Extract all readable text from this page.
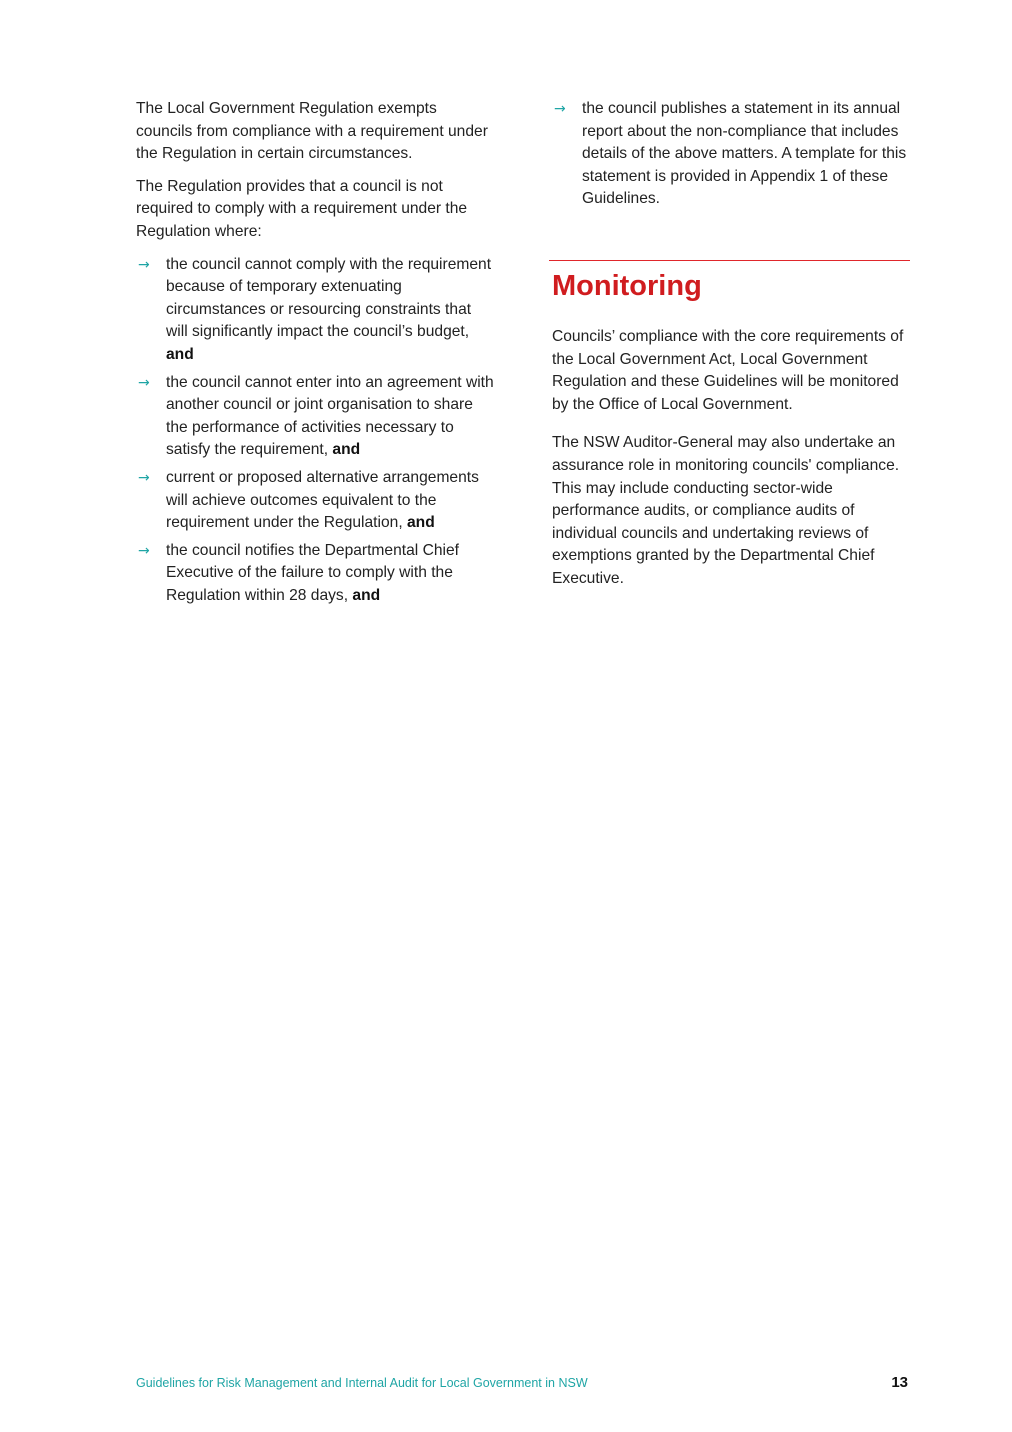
The Local Government Regulation exempts councils from compliance with a requirement under the Regulation in certain circumstances.

The Regulation provides that a council is not required to comply with a requirement under the Regulation where:

→ the council cannot comply with the requirement because of temporary extenuating circumstances or resourcing constraints that will significantly impact the council’s budget, and
→ the council cannot enter into an agreement with another council or joint organisation to share the performance of activities necessary to satisfy the requirement, and
→ current or proposed alternative arrangements will achieve outcomes equivalent to the requirement under the Regulation, and
→ the council notifies the Departmental Chief Executive of the failure to comply with the Regulation within 28 days, and
→ the council publishes a statement in its annual report about the non-compliance that includes details of the above matters. A template for this statement is provided in Appendix 1 of these Guidelines.
Monitoring

Councils’ compliance with the core requirements of the Local Government Act, Local Government Regulation and these Guidelines will be monitored by the Office of Local Government.

The NSW Auditor-General may also undertake an assurance role in monitoring councils' compliance. This may include conducting sector-wide performance audits, or compliance audits of individual councils and undertaking reviews of exemptions granted by the Departmental Chief Executive.

Guidelines for Risk Management and Internal Audit for Local Government in NSW	13
